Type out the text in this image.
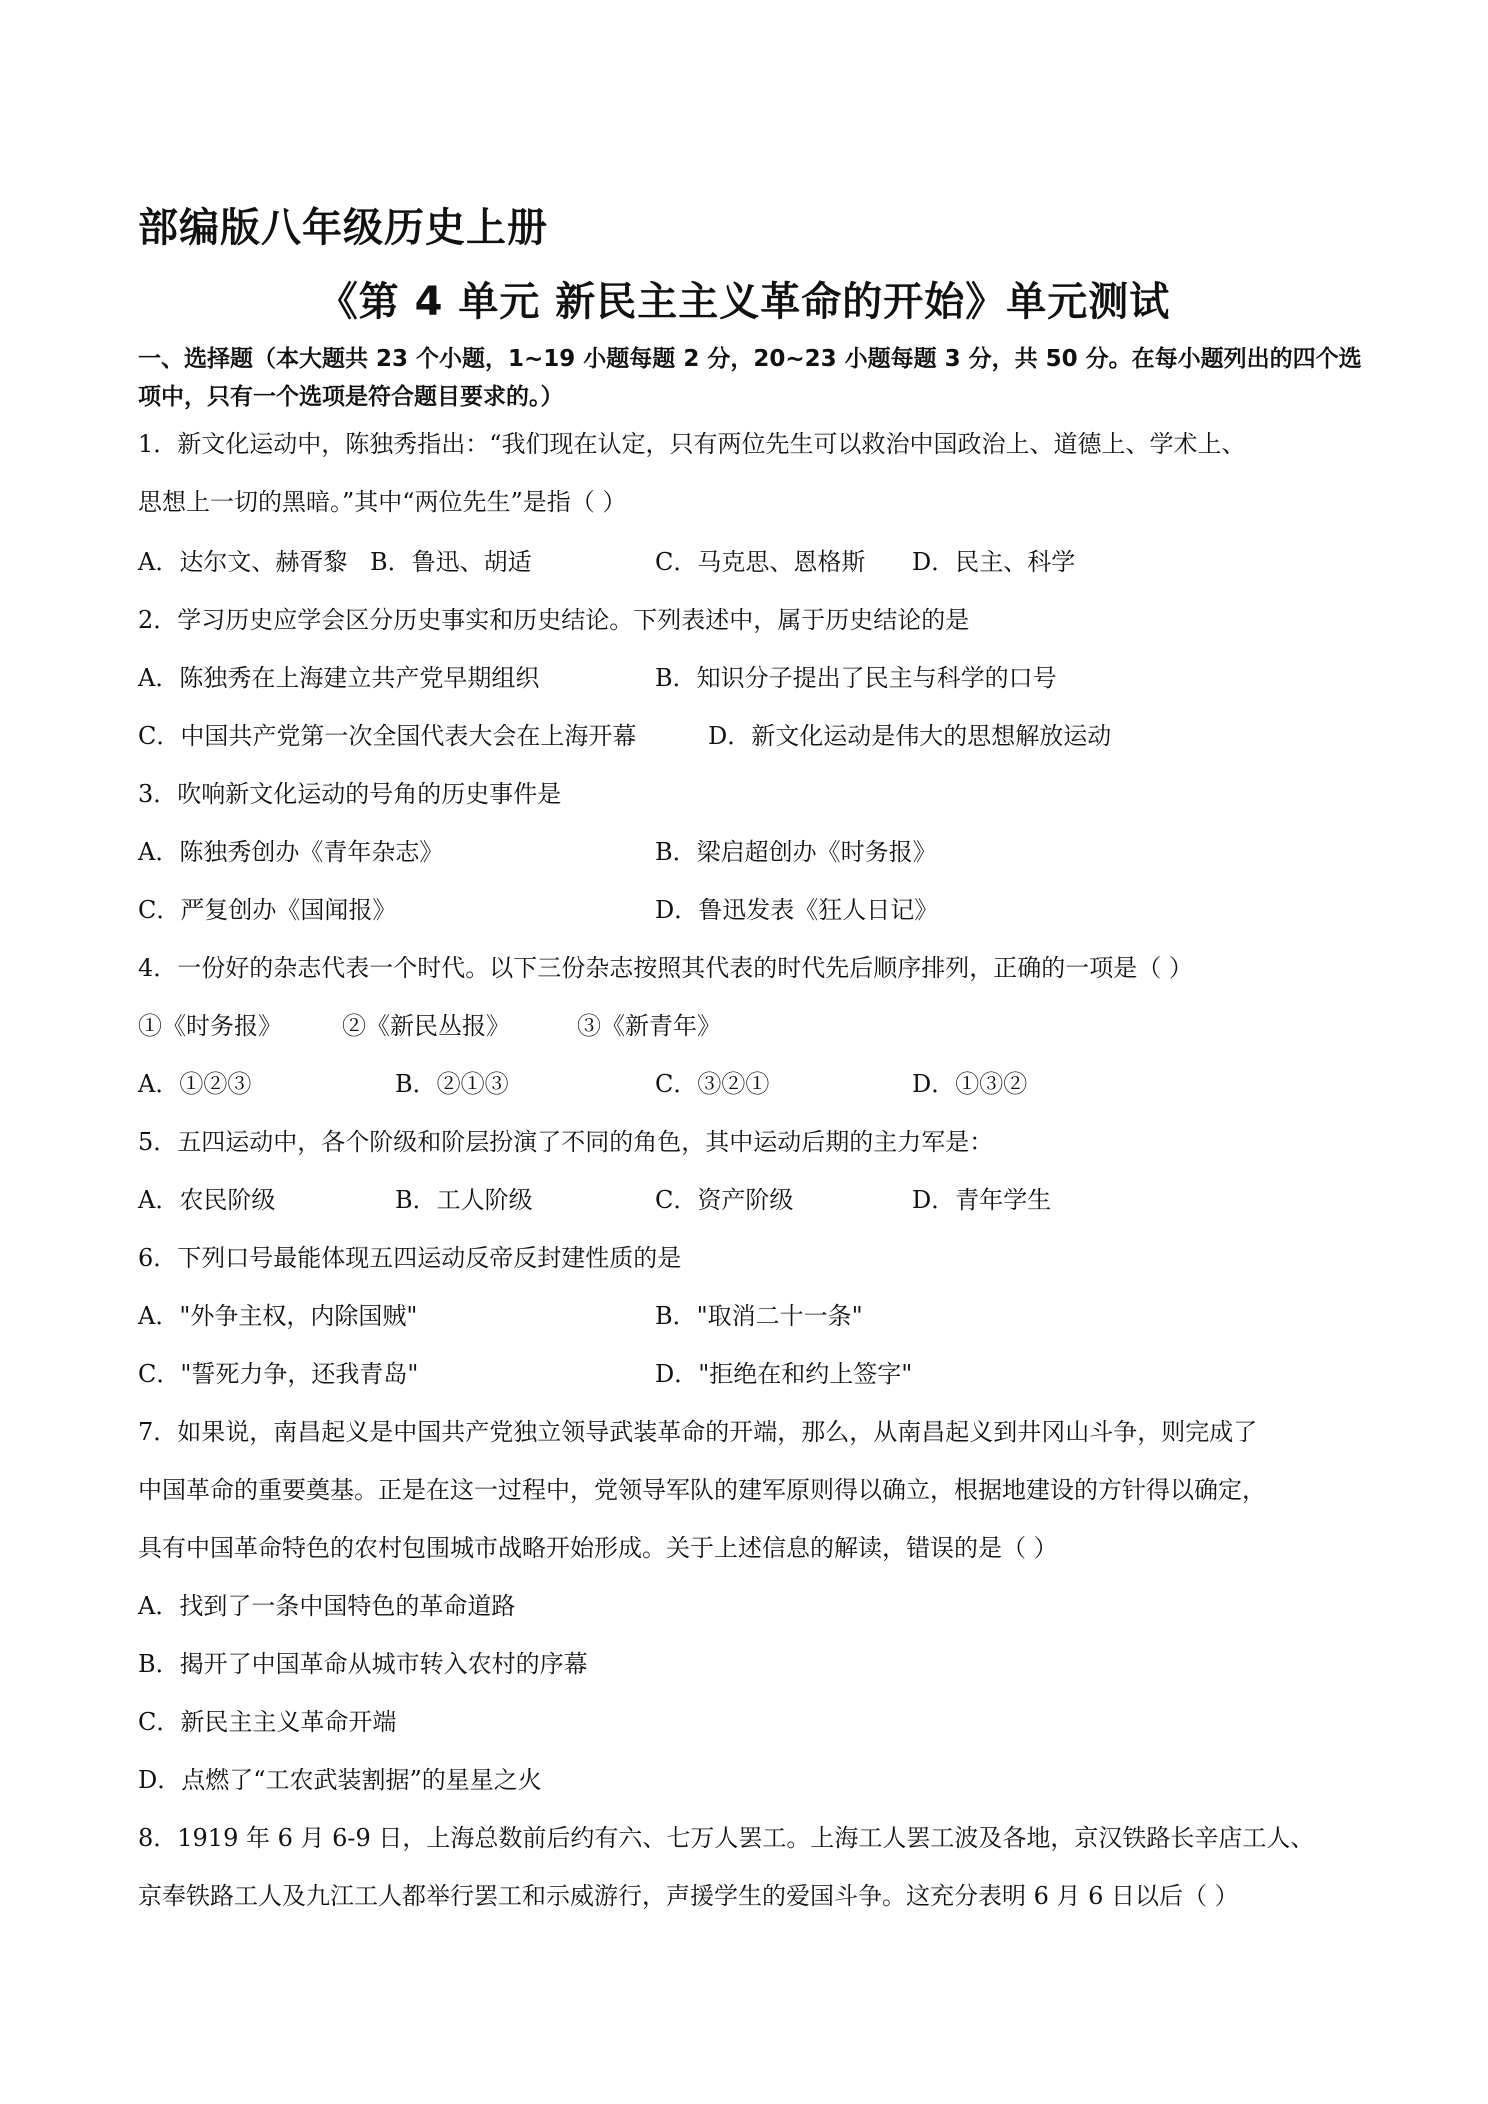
部编版八年级历史上册
《第 4 单元 新民主主义革命的开始》单元测试
一、选择题（本大题共 23 个小题，1~19 小题每题 2 分，20~23 小题每题 3 分，共 50 分。在每小题列出的四个选项中，只有一个选项是符合题目要求的。）
1．新文化运动中，陈独秀指出：“我们现在认定，只有两位先生可以救治中国政治上、道德上、学术上、
思想上一切的黑暗。”其中“两位先生”是指（ ）
A．达尔文、赫胥黎 B．鲁迅、胡适	C．马克思、恩格斯 D．民主、科学
2．学习历史应学会区分历史事实和历史结论。下列表述中，属于历史结论的是
A．陈独秀在上海建立共产党早期组织	B．知识分子提出了民主与科学的口号
C．中国共产党第一次全国代表大会在上海开幕	D．新文化运动是伟大的思想解放运动
3．吹响新文化运动的号角的历史事件是
A．陈独秀创办《青年杂志》	B．梁启超创办《时务报》
C．严复创办《国闻报》	D．鲁迅发表《狂人日记》
4．一份好的杂志代表一个时代。以下三份杂志按照其代表的时代先后顺序排列，正确的一项是（ ）
①《时务报》	②《新民丛报》	③《新青年》
A．①②③	B．②①③	C．③②①	D．①③②
5．五四运动中，各个阶级和阶层扮演了不同的角色，其中运动后期的主力军是：
A．农民阶级	B．工人阶级	C．资产阶级	D．青年学生
6．下列口号最能体现五四运动反帝反封建性质的是
A．"外争主权，内除国贼"	B．"取消二十一条"
C．"誓死力争，还我青岛"	D．"拒绝在和约上签字"
7．如果说，南昌起义是中国共产党独立领导武装革命的开端，那么，从南昌起义到井冈山斗争，则完成了
中国革命的重要奠基。正是在这一过程中，党领导军队的建军原则得以确立，根据地建设的方针得以确定，
具有中国革命特色的农村包围城市战略开始形成。关于上述信息的解读，错误的是（ ）
A．找到了一条中国特色的革命道路
B．揭开了中国革命从城市转入农村的序幕
C．新民主主义革命开端
D．点燃了“工农武装割据”的星星之火
8．1919 年 6 月 6-9 日，上海总数前后约有六、七万人罢工。上海工人罢工波及各地，京汉铁路长辛店工人、
京奉铁路工人及九江工人都举行罢工和示威游行，声援学生的爱国斗争。这充分表明 6 月 6 日以后（ ）
